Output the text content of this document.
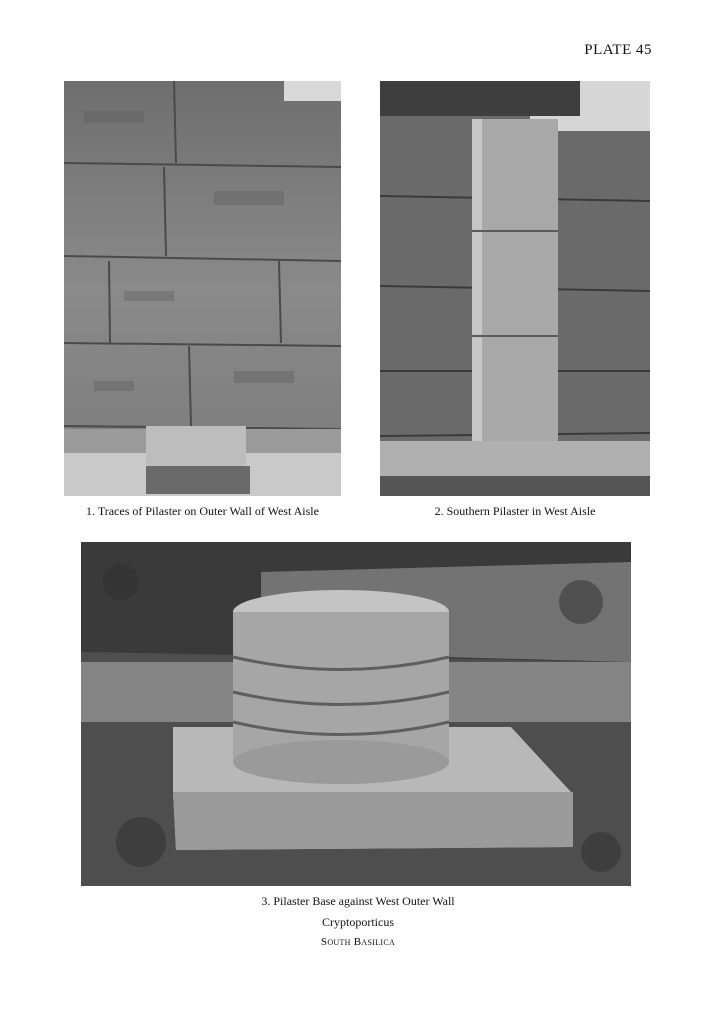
PLATE 45
1. Traces of Pilaster on Outer Wall of West Aisle	2. Southern Pilaster in West Aisle
3. Pilaster Base against West Outer Wall
Cryptoporticus
South Basilica
